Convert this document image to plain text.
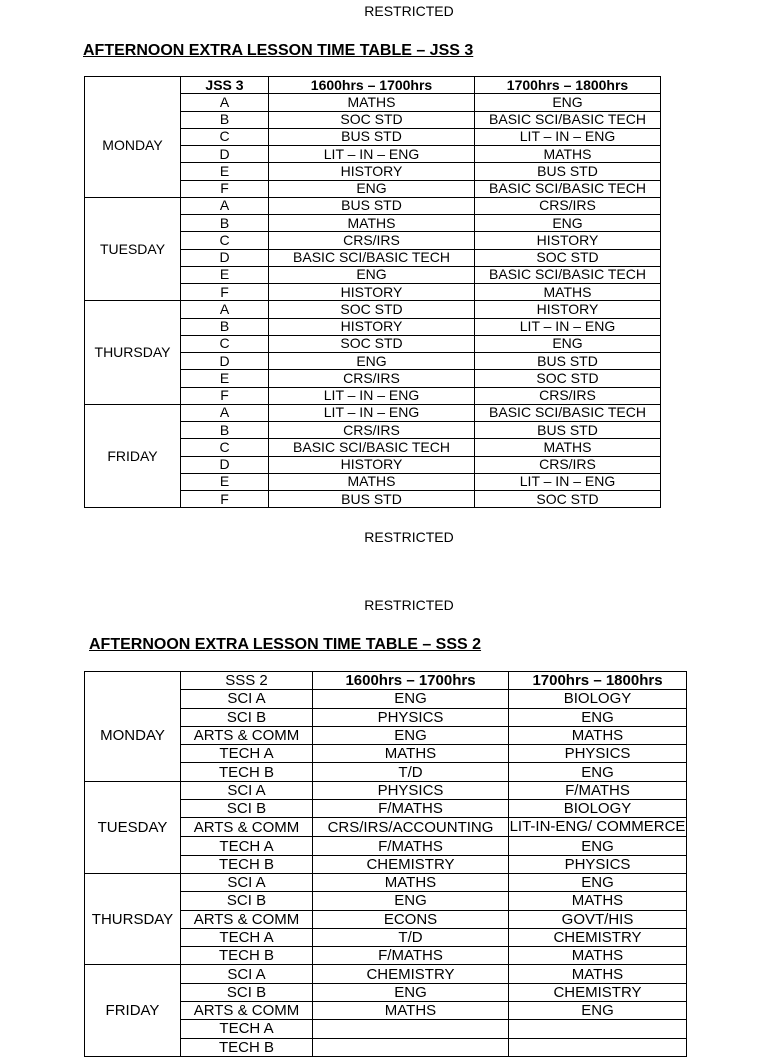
RESTRICTED
AFTERNOON EXTRA LESSON TIME TABLE – JSS 3
	JSS 3	1600hrs – 1700hrs	1700hrs – 1800hrs
MONDAY	A	MATHS	ENG
	B	SOC STD	BASIC SCI/BASIC TECH
	C	BUS STD	LIT – IN – ENG
	D	LIT – IN – ENG	MATHS
	E	HISTORY	BUS STD
	F	ENG	BASIC SCI/BASIC TECH
TUESDAY	A	BUS STD	CRS/IRS
	B	MATHS	ENG
	C	CRS/IRS	HISTORY
	D	BASIC SCI/BASIC TECH	SOC STD
	E	ENG	BASIC SCI/BASIC TECH
	F	HISTORY	MATHS
THURSDAY	A	SOC STD	HISTORY
	B	HISTORY	LIT – IN – ENG
	C	SOC STD	ENG
	D	ENG	BUS STD
	E	CRS/IRS	SOC STD
	F	LIT – IN – ENG	CRS/IRS
FRIDAY	A	LIT – IN – ENG	BASIC SCI/BASIC TECH
	B	CRS/IRS	BUS STD
	C	BASIC SCI/BASIC TECH	MATHS
	D	HISTORY	CRS/IRS
	E	MATHS	LIT – IN – ENG
	F	BUS STD	SOC STD
RESTRICTED
RESTRICTED
AFTERNOON EXTRA LESSON TIME TABLE – SSS 2
	SSS 2	1600hrs – 1700hrs	1700hrs – 1800hrs
MONDAY	SCI A	ENG	BIOLOGY
	SCI B	PHYSICS	ENG
	ARTS & COMM	ENG	MATHS
	TECH A	MATHS	PHYSICS
	TECH B	T/D	ENG
TUESDAY	SCI A	PHYSICS	F/MATHS
	SCI B	F/MATHS	BIOLOGY
	ARTS & COMM	CRS/IRS/ACCOUNTING	LIT-IN-ENG/ COMMERCE
	TECH A	F/MATHS	ENG
	TECH B	CHEMISTRY	PHYSICS
THURSDAY	SCI A	MATHS	ENG
	SCI B	ENG	MATHS
	ARTS & COMM	ECONS	GOVT/HIS
	TECH A	T/D	CHEMISTRY
	TECH B	F/MATHS	MATHS
FRIDAY	SCI A	CHEMISTRY	MATHS
	SCI B	ENG	CHEMISTRY
	ARTS & COMM	MATHS	ENG
	TECH A		
	TECH B		
